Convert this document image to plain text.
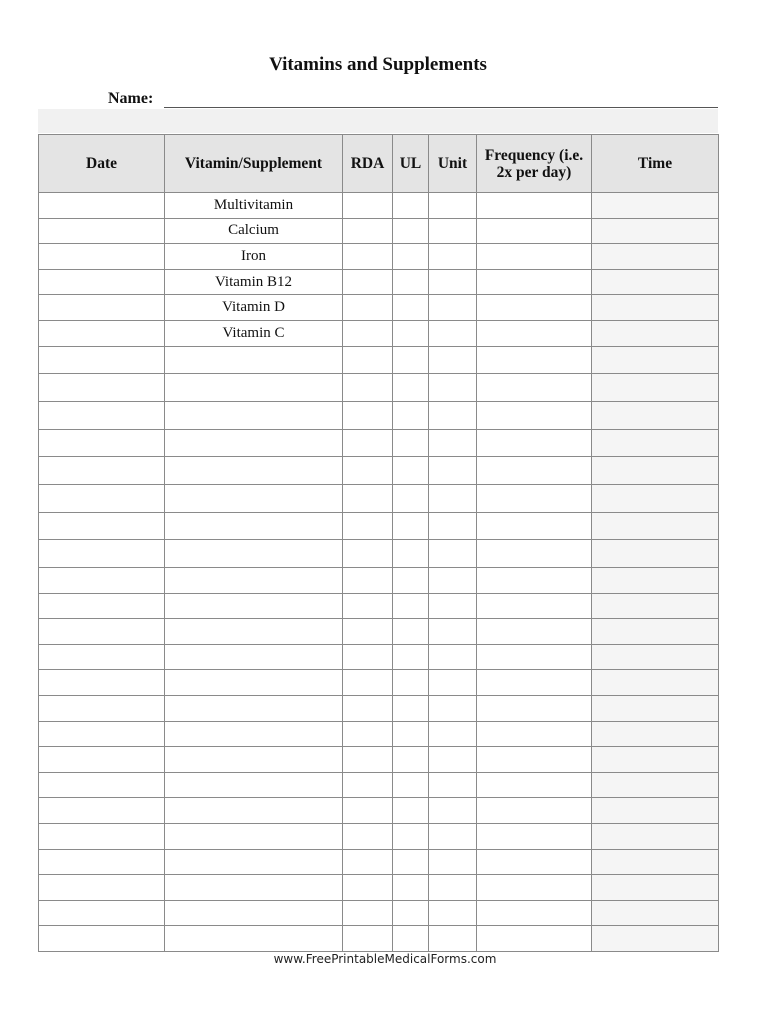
Vitamins and Supplements
Name:
Date	Vitamin/Supplement	RDA	UL	Unit	Frequency (i.e. 2x per day)	Time
	Multivitamin					
	Calcium					
	Iron					
	Vitamin B12					
	Vitamin D					
	Vitamin C					

www.FreePrintableMedicalForms.com
